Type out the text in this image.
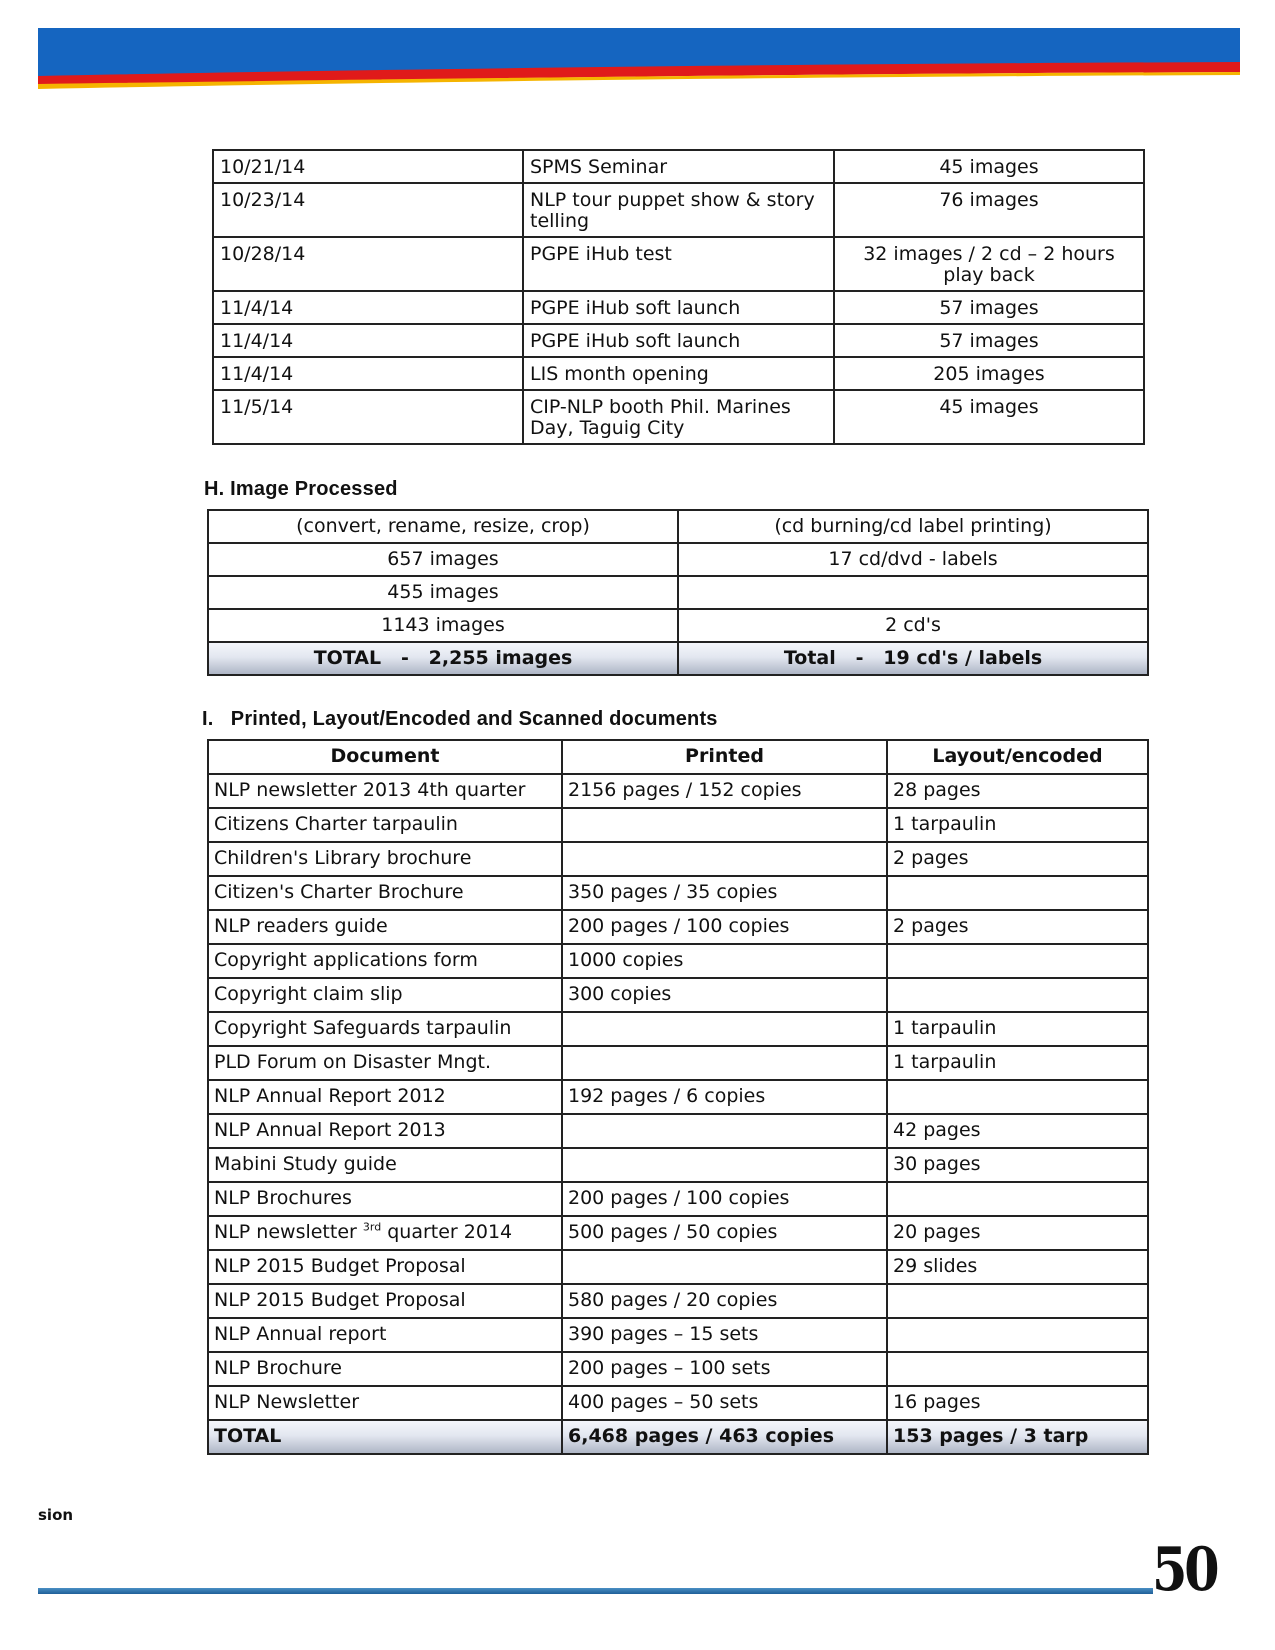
10/21/14	SPMS Seminar	45 images
10/23/14	NLP tour puppet show & story telling	76 images
10/28/14	PGPE iHub test	32 images / 2 cd – 2 hours play back
11/4/14	PGPE iHub soft launch	57 images
11/4/14	PGPE iHub soft launch	57 images
11/4/14	LIS month opening	205 images
11/5/14	CIP-NLP booth Phil. Marines Day, Taguig City	45 images
H. Image Processed
(convert, rename, resize, crop)	(cd burning/cd label printing)
657 images	17 cd/dvd - labels
455 images	
1143 images	2 cd's
TOTAL   -   2,255 images	Total   -   19 cd's / labels
I.   Printed, Layout/Encoded and Scanned documents
Document	Printed	Layout/encoded
NLP newsletter 2013 4th quarter	2156 pages / 152 copies	28 pages
Citizens Charter tarpaulin		1 tarpaulin
Children's Library brochure		2 pages
Citizen's Charter Brochure	350 pages / 35 copies	
NLP readers guide	200 pages / 100 copies	2 pages
Copyright applications form	1000 copies	
Copyright claim slip	300 copies	
Copyright Safeguards tarpaulin		1 tarpaulin
PLD Forum on Disaster Mngt.		1 tarpaulin
NLP Annual Report 2012	192 pages / 6 copies	
NLP Annual Report 2013		42 pages
Mabini Study guide		30 pages
NLP Brochures	200 pages / 100 copies	
NLP newsletter $^{3rd}$ quarter 2014	500 pages / 50 copies	20 pages
NLP 2015 Budget Proposal		29 slides
NLP 2015 Budget Proposal	580 pages / 20 copies	
NLP Annual report	390 pages – 15 sets	
NLP Brochure	200 pages – 100 sets	
NLP Newsletter	400 pages – 50 sets	16 pages
TOTAL	6,468 pages / 463 copies	153 pages / 3 tarp
sion
50
